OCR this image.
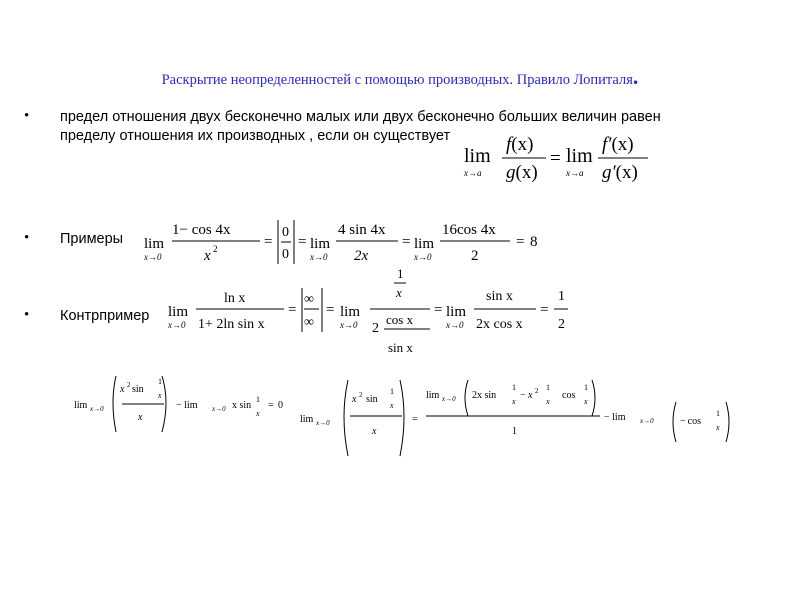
Раскрытие неопределенностей с помощью производных. Правило Лопиталя.
• предел отношения двух бесконечно малых или двух бесконечно больших величин равен
пределу отношения их производных , если он существует
lim
x→a
f(x)
g(x)
= lim
x→a
f′(x)
g′(x)
• Примеры lim
x→0
1− cos 4x
x 2	=
0
0
= lim
x→0
4 sin 4x
2x
= lim
x→0
16cos 4x
2
= 8
• Контрпример lim
x→0
ln x
1+ 2ln sin x
=
∞
∞
= lim
x→0
1
x
2
cos x
sin x
= lim
x→0
sin x
2x cos x
=
1
2
lim x→0
x 2 sin
1
x
x
− lim x→0 x sin
1
x
= 0
lim x→0
x 2 sin
1
x
x
=
lim x→0 2x sin
1
x
− x 2 1
x
cos
1
x
1
− lim x→0	− cos
1
x
